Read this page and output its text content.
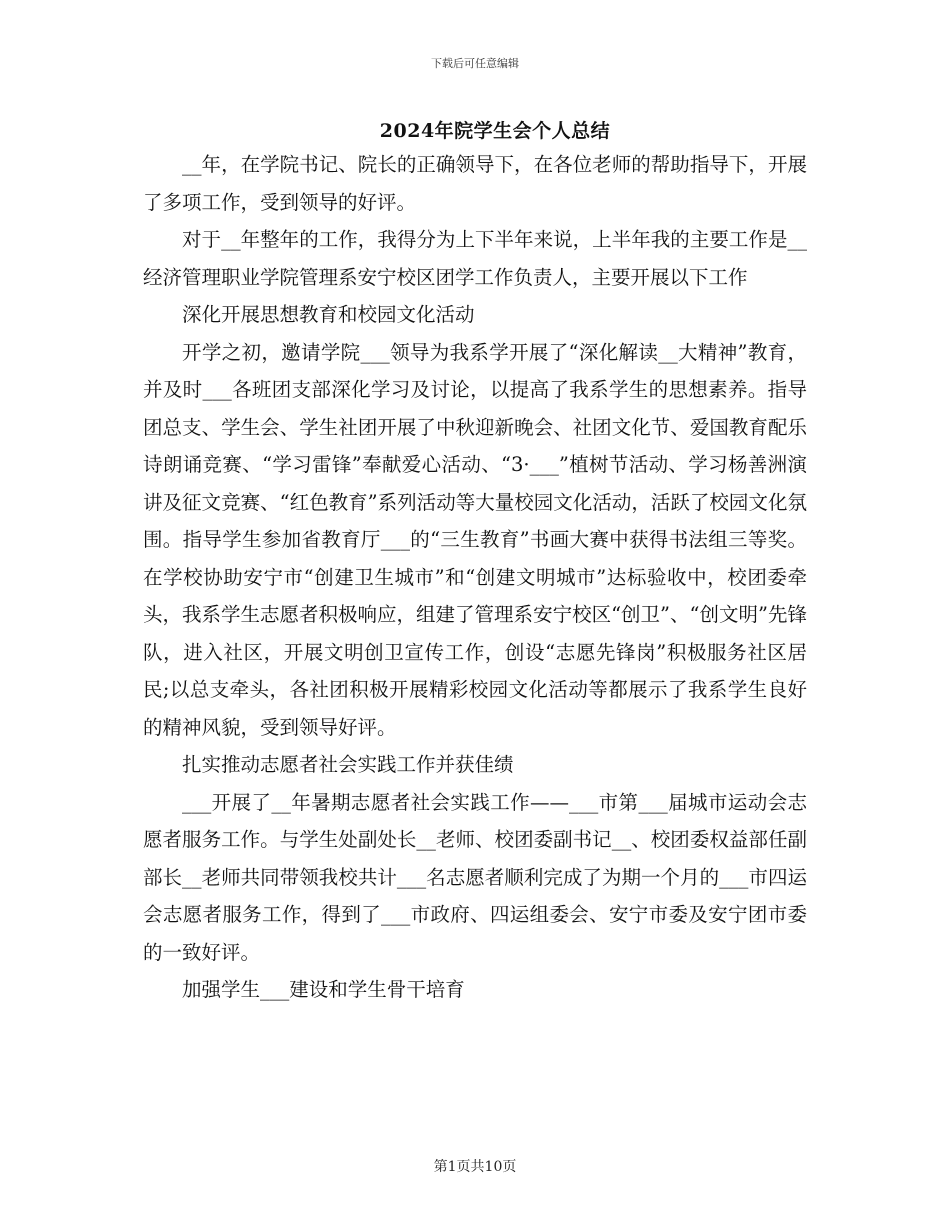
下载后可任意编辑
2024年院学生会个人总结

__年，在学院书记、院长的正确领导下，在各位老师的帮助指导下，开展了多项工作，受到领导的好评。

对于__年整年的工作，我得分为上下半年来说，上半年我的主要工作是__经济管理职业学院管理系安宁校区团学工作负责人，主要开展以下工作

深化开展思想教育和校园文化活动

开学之初，邀请学院___领导为我系学开展了“深化解读__大精神”教育，并及时___各班团支部深化学习及讨论，以提高了我系学生的思想素养。指导团总支、学生会、学生社团开展了中秋迎新晚会、社团文化节、爱国教育配乐诗朗诵竞赛、“学习雷锋”奉献爱心活动、“3·___”植树节活动、学习杨善洲演讲及征文竞赛、“红色教育”系列活动等大量校园文化活动，活跃了校园文化氛围。指导学生参加省教育厅___的“三生教育”书画大赛中获得书法组三等奖。在学校协助安宁市“创建卫生城市”和“创建文明城市”达标验收中，校团委牵头，我系学生志愿者积极响应，组建了管理系安宁校区“创卫”、“创文明”先锋队，进入社区，开展文明创卫宣传工作，创设“志愿先锋岗”积极服务社区居民;以总支牵头，各社团积极开展精彩校园文化活动等都展示了我系学生良好的精神风貌，受到领导好评。

扎实推动志愿者社会实践工作并获佳绩

___开展了__年暑期志愿者社会实践工作——___市第___届城市运动会志愿者服务工作。与学生处副处长__老师、校团委副书记__、校团委权益部任副部长__老师共同带领我校共计___名志愿者顺利完成了为期一个月的___市四运会志愿者服务工作，得到了___市政府、四运组委会、安宁市委及安宁团市委的一致好评。

加强学生___建设和学生骨干培育

第1页共10页
